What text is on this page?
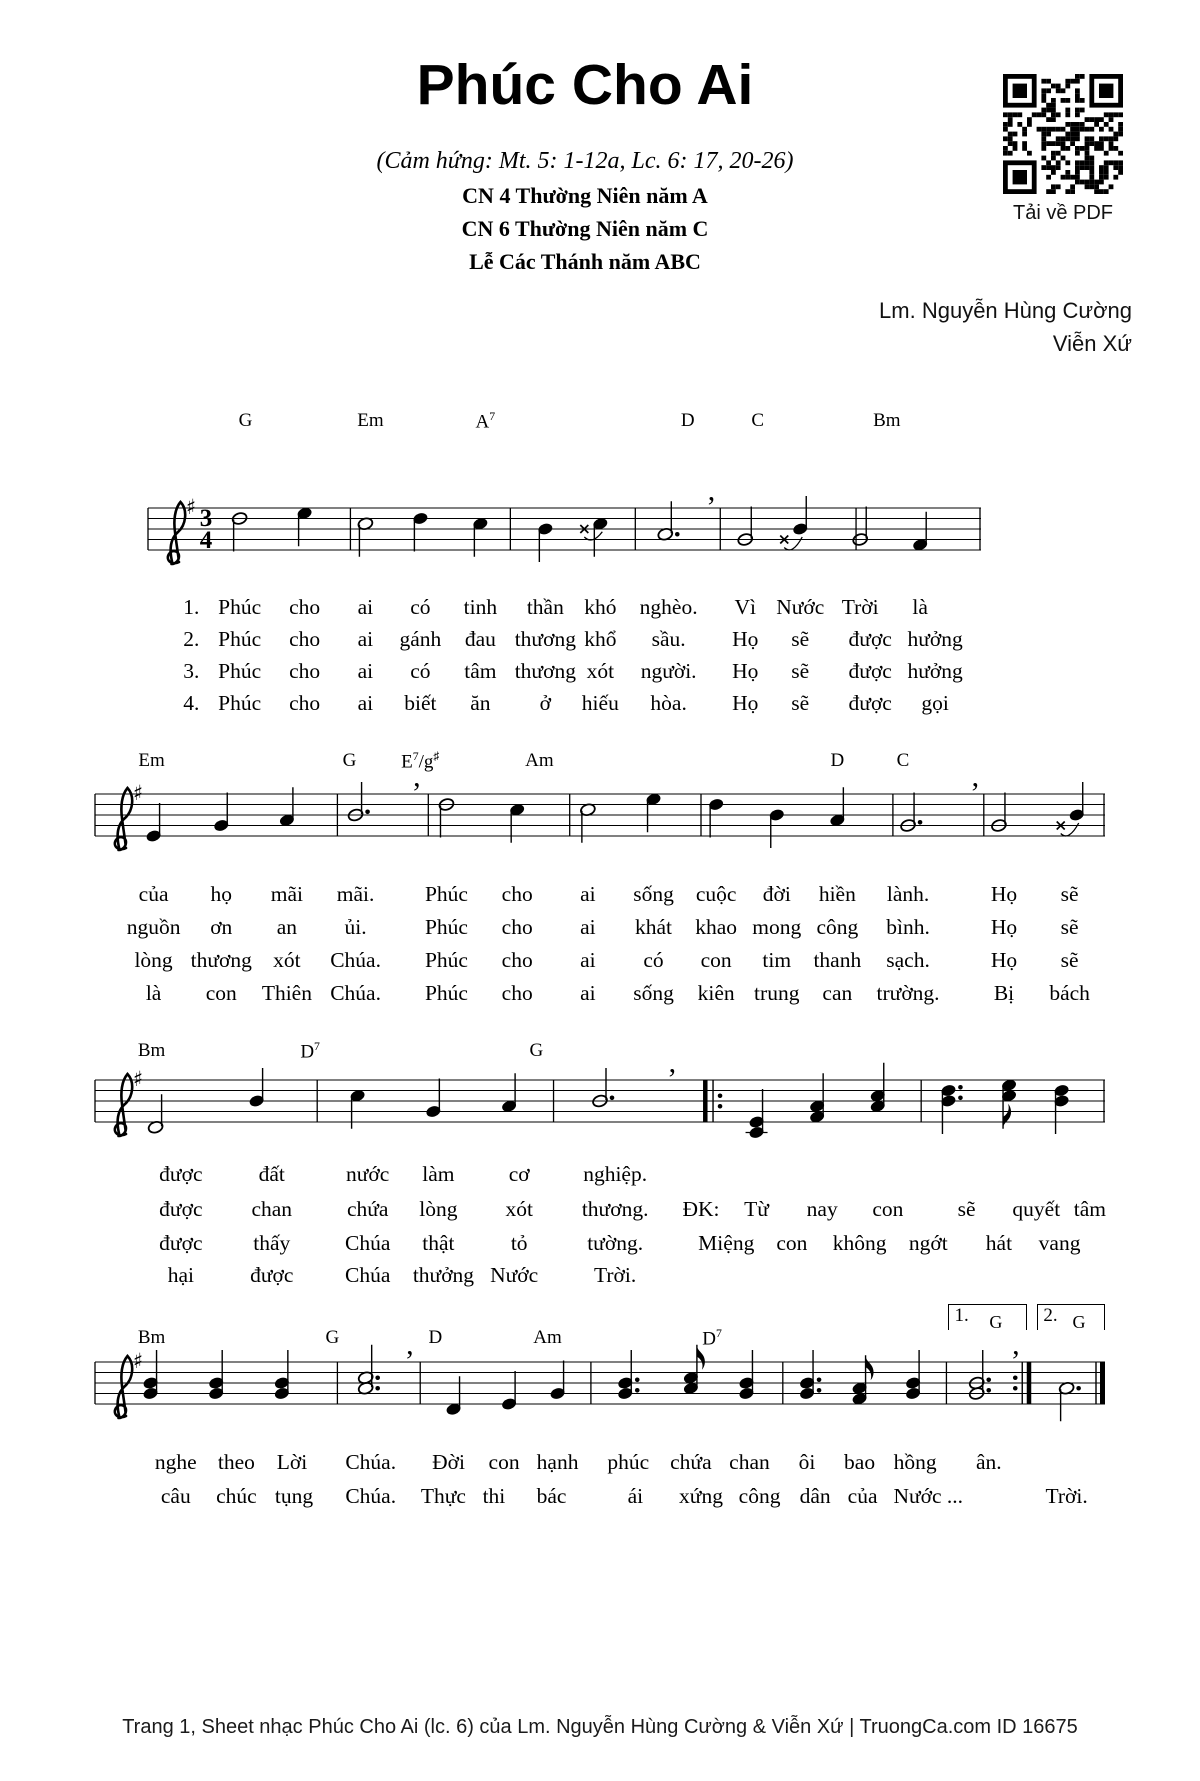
Phúc Cho Ai
(Cảm hứng: Mt. 5: 1-12a, Lc. 6: 17, 20-26)
CN 4 Thường Niên năm A
CN 6 Thường Niên năm C
Lễ Các Thánh năm ABC
Tải về PDF
Lm. Nguyễn Hùng Cường
Viễn Xứ
G	Em	$A^7$	D	C	Bm
♯ 3
4
,
1. Phúc cho ai có tinh thần khó nghèo. Vì Nước Trời là
2. Phúc cho ai gánh đau thương khổ sầu. Họ sẽ được hưởng
3. Phúc cho ai có tâm thương xót người. Họ sẽ được hưởng
4. Phúc cho ai biết ăn ở hiếu hòa. Họ sẽ được gọi
Em	G $E^7/g^♯$	Am	D	C
♯	,	,
của họ mãi mãi. Phúc cho ai sống cuộc đời hiền lành.	Họ sẽ
nguồn ơn an ủi.	Phúc cho ai khát khao mong công bình.	Họ sẽ
lòng thương xót Chúa. Phúc cho ai có con tim thanh sạch.	Họ sẽ
là con Thiên Chúa. Phúc cho ai sống kiên trung can trường.	Bị bách
Bm	$D^7$	G
♯	,
được	đất	nước làm	cơ nghiệp.
được chan	chứa lòng xót thương. ĐK: Từ nay con	sẽ quyết tâm
được thấy	Chúa thật	tỏ	tường.	Miệng con không ngớt hát vang
hại	được Chúa thưởng Nước	Trời.
Bm	G	D	Am	$D^7$
1. G 2. G
♯	,	,
nghe theo Lời Chúa. Đời con hạnh phúc chứa chan ôi bao hồng ân.
câu chúc tụng Chúa. Thực thi bác	ái xứng công dân của Nước ...	Trời.
Trang 1, Sheet nhạc Phúc Cho Ai (lc. 6) của Lm. Nguyễn Hùng Cường & Viễn Xứ | TruongCa.com ID 16675
